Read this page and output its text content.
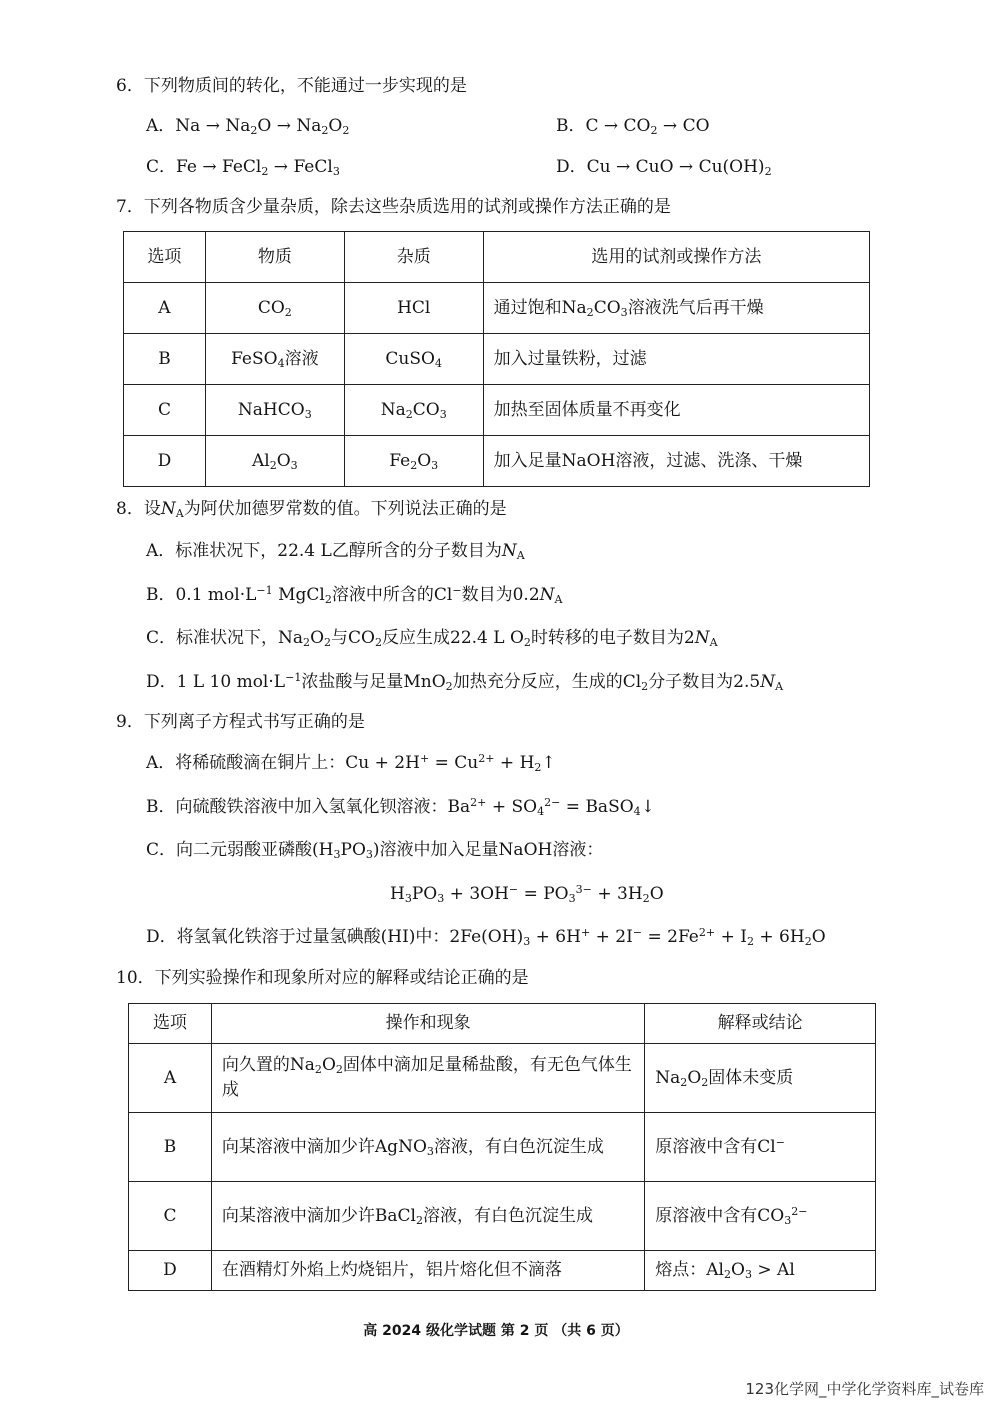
6．下列物质间的转化，不能通过一步实现的是
A．$Na \to Na_2O \to Na_2O_2$	B．$C \to CO_2$ → CO
C．Fe → FeCl$_2$ → FeCl$_3$	D．Cu → CuO → $Cu(OH)_2$
7．下列各物质含少量杂质，除去这些杂质选用的试剂或操作方法正确的是
选项	物质	杂质	选用的试剂或操作方法
A	$CO_2$	HCl	通过饱和$Na_2CO_3$溶液洗气后再干燥
B	FeSO$_4$溶液	CuSO$_4$	加入过量铁粉，过滤
C	NaHCO$_3$	$Na_2CO_3$	加热至固体质量不再变化
D	$Al_2O_3$	$Fe_2O_3$	加入足量NaOH溶液，过滤、洗涤、干燥
8．设$N_A$为阿伏加德罗常数的值。下列说法正确的是
A．标准状况下，22.4 L乙醇所含的分子数目为$N_A$
B．0.1 $mol\cdot L^{-1}$ MgCl$_2$溶液中所含的Cl−数目为$0.2N_A$
C．标准状况下，$Na_2O_2$与$CO_2$反应生成22.4 L $O_2$时转移的电子数目为$2N_A$
D．1 L 10 $mol\cdot L^{-1}$浓盐酸与足量MnO$_2$加热充分反应，生成的$Cl_2$分子数目为$2.5N_A$
9．下列离子方程式书写正确的是
A．将稀硫酸滴在铜片上：$Cu + 2H^+ = Cu^{2+}$ + $H_2↑$
B．向硫酸铁溶液中加入氢氧化钡溶液：$Ba^{2+} + SO_4^{2-}$ = BaSO$_4$↓
C．向二元弱酸亚磷酸$(H_3PO_3)$溶液中加入足量NaOH溶液：
$H_3PO_3 + 3OH^- = PO_3^{3-} + 3H_2O$
D．将氢氧化铁溶于过量氢碘酸(HI)中：$2Fe(OH)_3 + 6H^+ + 2I^- = 2Fe^{2+} + I_2 + 6H_2O$
10．下列实验操作和现象所对应的解释或结论正确的是
选项	操作和现象	解释或结论
A	向久置的$Na_2O_2$固体中滴加足量稀盐酸，有无色气体生成	$Na_2O_2$固体未变质
B	向某溶液中滴加少许AgNO$_3$溶液，有白色沉淀生成	原溶液中含有Cl−
C	向某溶液中滴加少许BaCl$_2$溶液，有白色沉淀生成	原溶液中含有$CO_3^{2-}$
D	在酒精灯外焰上灼烧铝片，铝片熔化但不滴落	熔点：$Al_2O_3 > Al$
高 2024 级化学试题 第 2 页 （共 6 页）
123化学网_中学化学资料库_试卷库
